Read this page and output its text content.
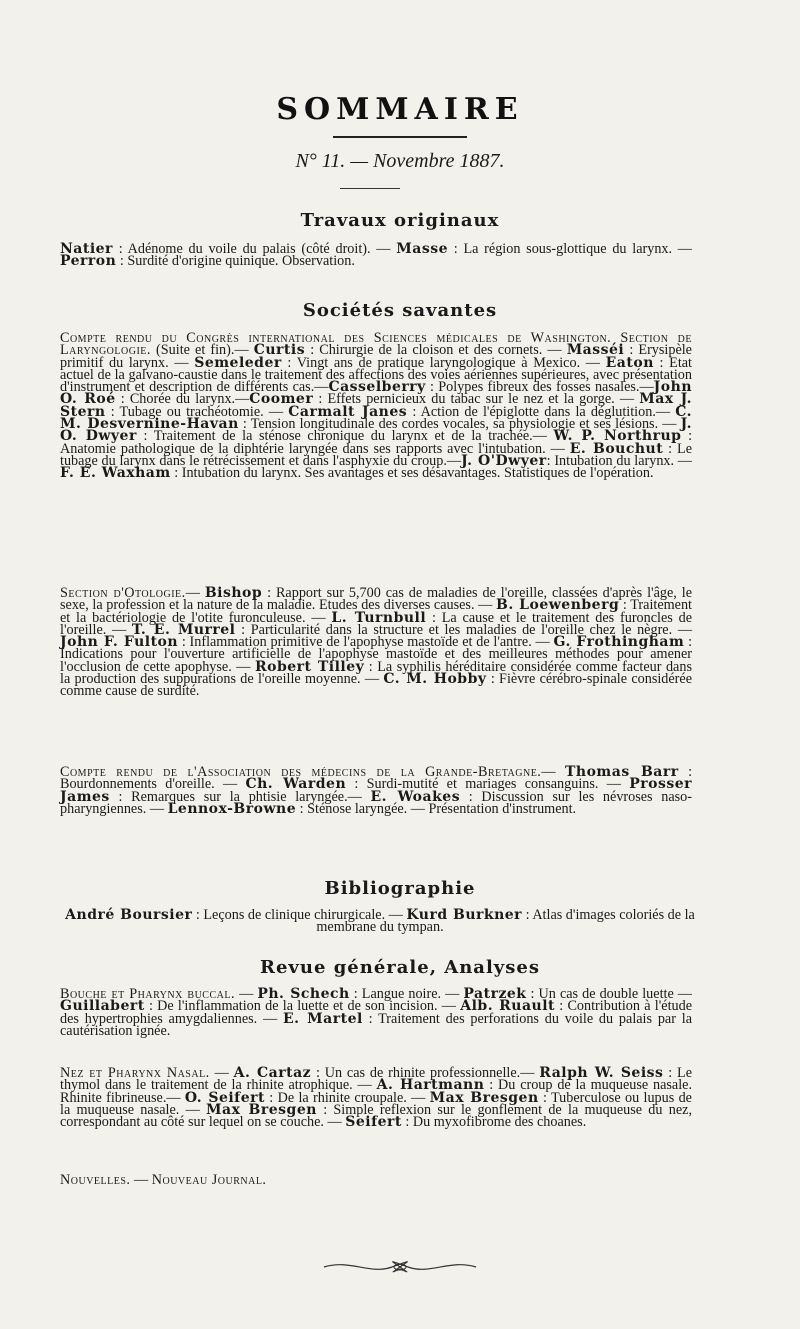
SOMMAIRE
N° 11. — Novembre 1887.
Travaux originaux
Natier : Adénome du voile du palais (côté droit). — Masse : La région sous-glottique du larynx. — Perron : Surdité d'origine quinique. Observation.
Sociétés savantes
Compte rendu du Congrès international des Sciences médicales de Washington. Section de Laryngologie. (Suite et fin).— Curtis : Chirurgie de la cloison et des cornets. — Masséi : Erysipèle primitif du larynx. — Semeleder : Vingt ans de pratique laryngologique à Mexico. — Eaton : Etat actuel de la galvano-caustie dans le traitement des affections des voies aériennes supérieures, avec présentation d'instrument et description de différents cas.—Casselberry : Polypes fibreux des fosses nasales.—John O. Roé : Chorée du larynx.—Coomer : Effets pernicieux du tabac sur le nez et la gorge. — Max J. Stern : Tubage ou trachéotomie. — Carmalt Janes : Action de l'épiglotte dans la déglutition.— C. M. Desvernine-Havan : Tension longitudinale des cordes vocales, sa physiologie et ses lésions. — J. O. Dwyer : Traitement de la sténose chronique du larynx et de la trachée.— W. P. Northrup : Anatomie pathologique de la diphtérie laryngée dans ses rapports avec l'intubation. — E. Bouchut : Le tubage du larynx dans le rétrécissement et dans l'asphyxie du croup.—J. O'Dwyer: Intubation du larynx. — F. E. Waxham : Intubation du larynx. Ses avantages et ses désavantages. Statistiques de l'opération.
Section d'Otologie.— Bishop : Rapport sur 5,700 cas de maladies de l'oreille, classées d'après l'âge, le sexe, la profession et la nature de la maladie. Etudes des diverses causes. — B. Loewenberg : Traitement et la bactériologie de l'otite furonculeuse. — L. Turnbull : La cause et le traitement des furoncles de l'oreille. — T. E. Murrel : Particularité dans la structure et les maladies de l'oreille chez le nègre. — John F. Fulton : Inflammation primitive de l'apophyse mastoïde et de l'antre. — G. Frothingham : Indications pour l'ouverture artificielle de l'apophyse mastoïde et des meilleures méthodes pour amener l'occlusion de cette apophyse. — Robert Tilley : La syphilis héréditaire considérée comme facteur dans la production des suppurations de l'oreille moyenne. — C. M. Hobby : Fièvre cérébro-spinale considérée comme cause de surdité.
Compte rendu de l'Association des médecins de la Grande-Bretagne.— Thomas Barr : Bourdonnements d'oreille. — Ch. Warden : Surdi-mutité et mariages consanguins. — Prosser James : Remarques sur la phtisie laryngée.— E. Woakes : Discussion sur les névroses naso-pharyngiennes. — Lennox-Browne : Sténose laryngée. — Présentation d'instrument.
Bibliographie
André Boursier : Leçons de clinique chirurgicale. — Kurd Burkner : Atlas d'images coloriés de la membrane du tympan.
Revue générale, Analyses
Bouche et Pharynx buccal. — Ph. Schech : Langue noire. — Patrzek : Un cas de double luette — Guillabert : De l'inflammation de la luette et de son incision. — Alb. Ruault : Contribution à l'étude des hypertrophies amygdaliennes. — E. Martel : Traitement des perforations du voile du palais par la cautérisation ignée.
Nez et Pharynx Nasal. — A. Cartaz : Un cas de rhinite professionnelle.— Ralph W. Seiss : Le thymol dans le traitement de la rhinite atrophique. — A. Hartmann : Du croup de la muqueuse nasale. Rhinite fibrineuse.— O. Seifert : De la rhinite croupale. — Max Bresgen : Tuberculose ou lupus de la muqueuse nasale. — Max Bresgen : Simple reflexion sur le gonflement de la muqueuse du nez, correspondant au côté sur lequel on se couche. — Seifert : Du myxofibrome des choanes.
Nouvelles. — Nouveau Journal.
